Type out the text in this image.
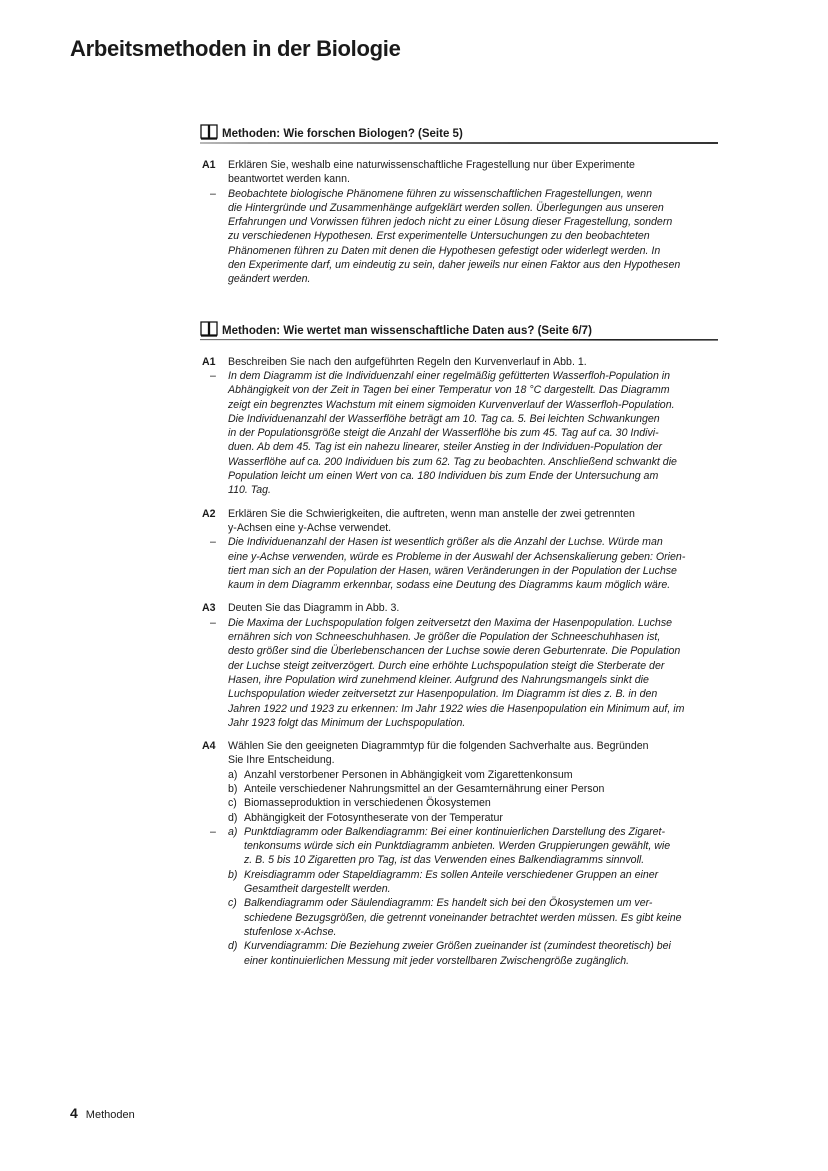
Arbeitsmethoden in der Biologie
Methoden: Wie forschen Biologen? (Seite 5)
A1	Erklären Sie, weshalb eine naturwissenschaftliche Fragestellung nur über Experimente
beantwortet werden kann.
– Beobachtete biologische Phänomene führen zu wissenschaftlichen Fragestellungen, wenn
die Hintergründe und Zusammenhänge aufgeklärt werden sollen. Überlegungen aus unseren
Erfahrungen und Vorwissen führen jedoch nicht zu einer Lösung dieser Fragestellung, sondern
zu verschiedenen Hypothesen. Erst experimentelle Untersuchungen zu den beobachteten
Phänomenen führen zu Daten mit denen die Hypothesen gefestigt oder widerlegt werden. In
den Experimente darf, um eindeutig zu sein, daher jeweils nur einen Faktor aus den Hypothesen
geändert werden.
Methoden: Wie wertet man wissenschaftliche Daten aus? (Seite 6/7)
A1	Beschreiben Sie nach den aufgeführten Regeln den Kurvenverlauf in Abb. 1.
– In dem Diagramm ist die Individuenzahl einer regelmäßig gefütterten Wasserfloh-Population in
Abhängigkeit von der Zeit in Tagen bei einer Temperatur von 18 °C dargestellt. Das Diagramm
zeigt ein begrenztes Wachstum mit einem sigmoiden Kurvenverlauf der Wasserfloh-Population.
Die Individuenanzahl der Wasserflöhe beträgt am 10. Tag ca. 5. Bei leichten Schwankungen
in der Populationsgröße steigt die Anzahl der Wasserflöhe bis zum 45. Tag auf ca. 30 Indivi-
duen. Ab dem 45. Tag ist ein nahezu linearer, steiler Anstieg in der Individuen-Population der
Wasserflöhe auf ca. 200 Individuen bis zum 62. Tag zu beobachten. Anschließend schwankt die
Population leicht um einen Wert von ca. 180 Individuen bis zum Ende der Untersuchung am
110. Tag.
A2	Erklären Sie die Schwierigkeiten, die auftreten, wenn man anstelle der zwei getrennten
y-Achsen eine y-Achse verwendet.
– Die Individuenanzahl der Hasen ist wesentlich größer als die Anzahl der Luchse. Würde man
eine y-Achse verwenden, würde es Probleme in der Auswahl der Achsenskalierung geben: Orien-
tiert man sich an der Population der Hasen, wären Veränderungen in der Population der Luchse
kaum in dem Diagramm erkennbar, sodass eine Deutung des Diagramms kaum möglich wäre.
A3	Deuten Sie das Diagramm in Abb. 3.
– Die Maxima der Luchspopulation folgen zeitversetzt den Maxima der Hasenpopulation. Luchse
ernähren sich von Schneeschuhhasen. Je größer die Population der Schneeschuhhasen ist,
desto größer sind die Überlebenschancen der Luchse sowie deren Geburtenrate. Die Population
der Luchse steigt zeitverzögert. Durch eine erhöhte Luchspopulation steigt die Sterberate der
Hasen, ihre Population wird zunehmend kleiner. Aufgrund des Nahrungsmangels sinkt die
Luchspopulation wieder zeitversetzt zur Hasenpopulation. Im Diagramm ist dies z. B. in den
Jahren 1922 und 1923 zu erkennen: Im Jahr 1922 wies die Hasenpopulation ein Minimum auf, im
Jahr 1923 folgt das Minimum der Luchspopulation.
A4	Wählen Sie den geeigneten Diagrammtyp für die folgenden Sachverhalte aus. Begründen
Sie Ihre Entscheidung.
a) Anzahl verstorbener Personen in Abhängigkeit vom Zigarettenkonsum
b) Anteile verschiedener Nahrungsmittel an der Gesamternährung einer Person
c) Biomasseproduktion in verschiedenen Ökosystemen
d) Abhängigkeit der Fotosyntheserate von der Temperatur
– a) Punktdiagramm oder Balkendiagramm: Bei einer kontinuierlichen Darstellung des Zigaret-
tenkonsums würde sich ein Punktdiagramm anbieten. Werden Gruppierungen gewählt, wie
z. B. 5 bis 10 Zigaretten pro Tag, ist das Verwenden eines Balkendiagramms sinnvoll.
b) Kreisdiagramm oder Stapeldiagramm: Es sollen Anteile verschiedener Gruppen an einer
Gesamtheit dargestellt werden.
c) Balkendiagramm oder Säulendiagramm: Es handelt sich bei den Ökosystemen um ver-
schiedene Bezugsgrößen, die getrennt voneinander betrachtet werden müssen. Es gibt keine
stufenlose x-Achse.
d) Kurvendiagramm: Die Beziehung zweier Größen zueinander ist (zumindest theoretisch) bei
einer kontinuierlichen Messung mit jeder vorstellbaren Zwischengröße zugänglich.
4 Methoden
